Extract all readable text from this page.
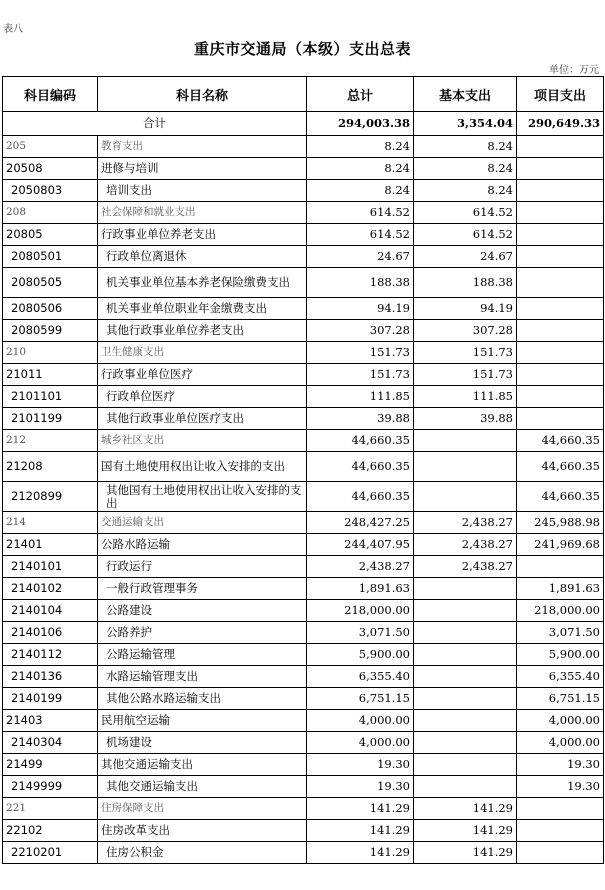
表八
重庆市交通局（本级）支出总表
单位：万元
科目编码	科目名称	总计	基本支出	项目支出
合计		294,003.38	3,354.04	290,649.33
205	教育支出	8.24	8.24	
20508	进修与培训	8.24	8.24	
2050803	培训支出	8.24	8.24	
208	社会保障和就业支出	614.52	614.52	
20805	行政事业单位养老支出	614.52	614.52	
2080501	行政单位离退休	24.67	24.67	
2080505	机关事业单位基本养老保险缴费支出	188.38	188.38	
2080506	机关事业单位职业年金缴费支出	94.19	94.19	
2080599	其他行政事业单位养老支出	307.28	307.28	
210	卫生健康支出	151.73	151.73	
21011	行政事业单位医疗	151.73	151.73	
2101101	行政单位医疗	111.85	111.85	
2101199	其他行政事业单位医疗支出	39.88	39.88	
212	城乡社区支出	44,660.35		44,660.35
21208	国有土地使用权出让收入安排的支出	44,660.35		44,660.35
2120899	其他国有土地使用权出让收入安排的支出	44,660.35		44,660.35
214	交通运输支出	248,427.25	2,438.27	245,988.98
21401	公路水路运输	244,407.95	2,438.27	241,969.68
2140101	行政运行	2,438.27	2,438.27	
2140102	一般行政管理事务	1,891.63		1,891.63
2140104	公路建设	218,000.00		218,000.00
2140106	公路养护	3,071.50		3,071.50
2140112	公路运输管理	5,900.00		5,900.00
2140136	水路运输管理支出	6,355.40		6,355.40
2140199	其他公路水路运输支出	6,751.15		6,751.15
21403	民用航空运输	4,000.00		4,000.00
2140304	机场建设	4,000.00		4,000.00
21499	其他交通运输支出	19.30		19.30
2149999	其他交通运输支出	19.30		19.30
221	住房保障支出	141.29	141.29	
22102	住房改革支出	141.29	141.29	
2210201	住房公积金	141.29	141.29	
